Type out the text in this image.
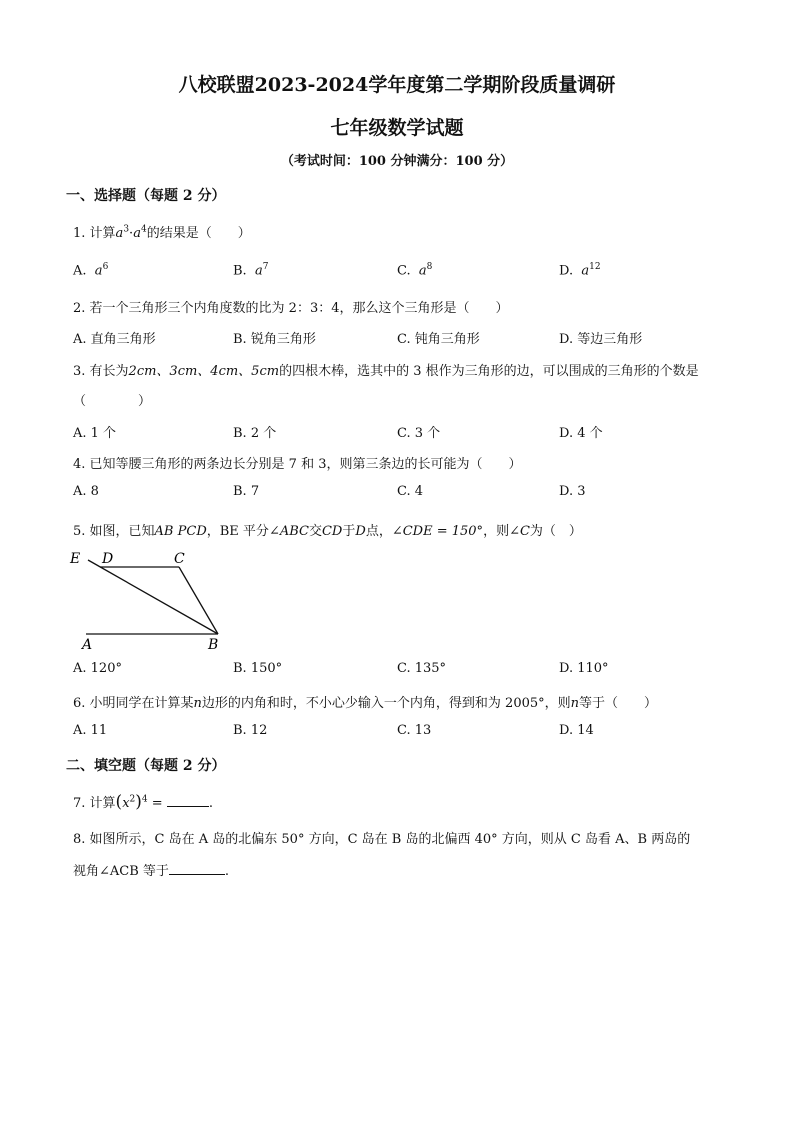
八校联盟2023-2024学年度第二学期阶段质量调研
七年级数学试题
（考试时间：100 分钟满分：100 分）
一、选择题（每题 2 分）
1. 计算$a^3\cdot a^4$的结果是（　　）
A. $a^6$	B. $a^7$	C. $a^8$	D. $a^{12}$
2. 若一个三角形三个内角度数的比为 2：3：4，那么这个三角形是（　　）
A. 直角三角形	B. 锐角三角形	C. 钝角三角形	D. 等边三角形
3. 有长为2cm、3cm、4cm、5cm的四根木棒，选其中的 3 根作为三角形的边，可以围成的三角形的个数是
（　　　　）
A. 1 个	B. 2 个	C. 3 个	D. 4 个
4. 已知等腰三角形的两条边长分别是 7 和 3，则第三条边的长可能为（　　）
A. 8	B. 7	C. 4	D. 3
5. 如图，已知AB PCD，BE 平分∠ABC交CD于D点，∠CDE = 150°，则∠C为（　）
E D	C
A	B
A. 120°	B. 150°	C. 135°	D. 110°
6. 小明同学在计算某n边形的内角和时，不小心少输入一个内角，得到和为 2005°，则n等于（　　）
A. 11	B. 12	C. 13	D. 14
二、填空题（每题 2 分）
7. 计算$(x^2)^4$ =	.
8. 如图所示，C 岛在 A 岛的北偏东 50° 方向，C 岛在 B 岛的北偏西 40° 方向，则从 C 岛看 A、B 两岛的
视角∠ACB 等于	.
